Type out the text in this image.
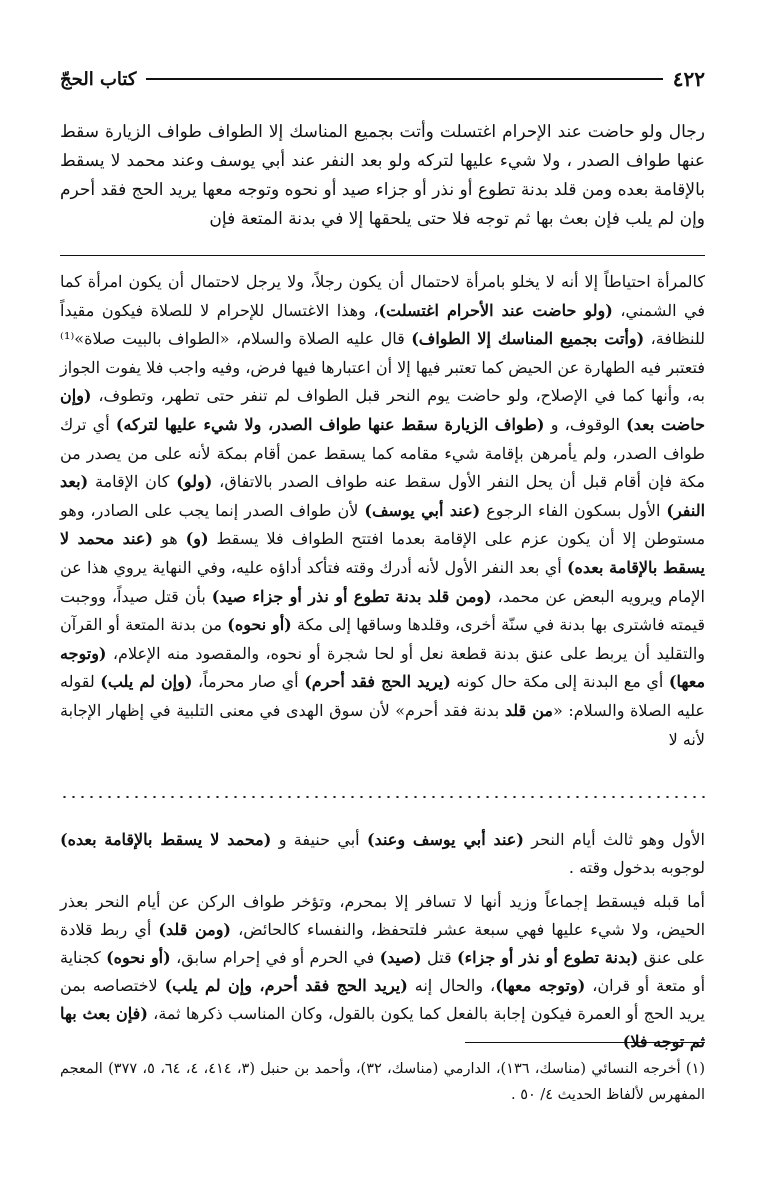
٤٢٢
كتاب الحجّ

رجال ولو حاضت عند الإحرام اغتسلت وأتت بجميع المناسك إلا الطواف طواف الزيارة سقط عنها طواف الصدر ، ولا شيء عليها لتركه ولو بعد النفر عند أبي يوسف وعند محمد لا يسقط بالإقامة بعده ومن قلد بدنة تطوع أو نذر أو جزاء صيد أو نحوه وتوجه معها يريد الحج فقد أحرم وإن لم يلب فإن بعث بها ثم توجه فلا حتى يلحقها إلا في بدنة المتعة فإن

كالمرأة احتياطاً إلا أنه لا يخلو بامرأة لاحتمال أن يكون رجلاً، ولا يرجل لاحتمال أن يكون امرأة كما في الشمني، (ولو حاضت عند الأحرام اغتسلت)، وهذا الاغتسال للإحرام لا للصلاة فيكون مقيداً للنظافة، (وأتت بجميع المناسك إلا الطواف) قال عليه الصلاة والسلام، «الطواف بالبيت صلاة»⁽¹⁾ فتعتبر فيه الطهارة عن الحيض كما تعتبر فيها إلا أن اعتبارها فيها فرض، وفيه واجب فلا يفوت الجواز به، وأنها كما في الإصلاح، ولو حاضت يوم النحر قبل الطواف لم تنفر حتى تطهر، وتطوف، (وإن حاضت بعد) الوقوف، و (طواف الزيارة سقط عنها طواف الصدر، ولا شيء عليها لتركه) أي ترك طواف الصدر، ولم يأمرهن بإقامة شيء مقامه كما يسقط عمن أقام بمكة لأنه على من يصدر من مكة فإن أقام قبل أن يحل النفر الأول سقط عنه طواف الصدر بالاتفاق، (ولو) كان الإقامة (بعد النفر) الأول بسكون الفاء الرجوع (عند أبي يوسف) لأن طواف الصدر إنما يجب على الصادر، وهو مستوطن إلا أن يكون عزم على الإقامة بعدما افتتح الطواف فلا يسقط (و) هو (عند محمد لا يسقط بالإقامة بعده) أي بعد النفر الأول لأنه أدرك وقته فتأكد أداؤه عليه، وفي النهاية يروي هذا عن الإمام ويرويه البعض عن محمد، (ومن قلد بدنة تطوع أو نذر أو جزاء صيد) بأن قتل صيداً، ووجبت قيمته فاشترى بها بدنة في سنّة أخرى، وقلدها وساقها إلى مكة (أو نحوه) من بدنة المتعة أو القرآن والتقليد أن يربط على عنق بدنة قطعة نعل أو لحا شجرة أو نحوه، والمقصود منه الإعلام، (وتوجه معها) أي مع البدنة إلى مكة حال كونه (يريد الحج فقد أحرم) أي صار محرماً، (وإن لم يلب) لقوله عليه الصلاة والسلام: «من قلد بدنة فقد أحرم» لأن سوق الهدى في معنى التلبية في إظهار الإجابة لأنه لا

الأول وهو ثالث أيام النحر (عند أبي يوسف وعند) أبي حنيفة و (محمد لا يسقط بالإقامة بعده) لوجوبه بدخول وقته .

أما قبله فيسقط إجماعاً وزيد أنها لا تسافر إلا بمحرم، وتؤخر طواف الركن عن أيام النحر بعذر الحيض، ولا شيء عليها فهي سبعة عشر فلتحفظ، والنفساء كالحائض، (ومن قلد) أي ربط قلادة على عنق (بدنة تطوع أو نذر أو جزاء) قتل (صيد) في الحرم أو في إحرام سابق، (أو نحوه) كجناية أو متعة أو قران، (وتوجه معها)، والحال إنه (يريد الحج فقد أحرم، وإن لم يلب) لاختصاصه بمن يريد الحج أو العمرة فيكون إجابة بالفعل كما يكون بالقول، وكان المناسب ذكرها ثمة، (فإن بعث بها ثم توجه فلا)

(١) أخرجه النسائي (مناسك، ١٣٦)، الدارمي (مناسك، ٣٢)، وأحمد بن حنبل (٣، ٤١٤، ٤، ٦٤، ٥، ٣٧٧) المعجم المفهرس لألفاظ الحديث ٤/ ٥٠ .
